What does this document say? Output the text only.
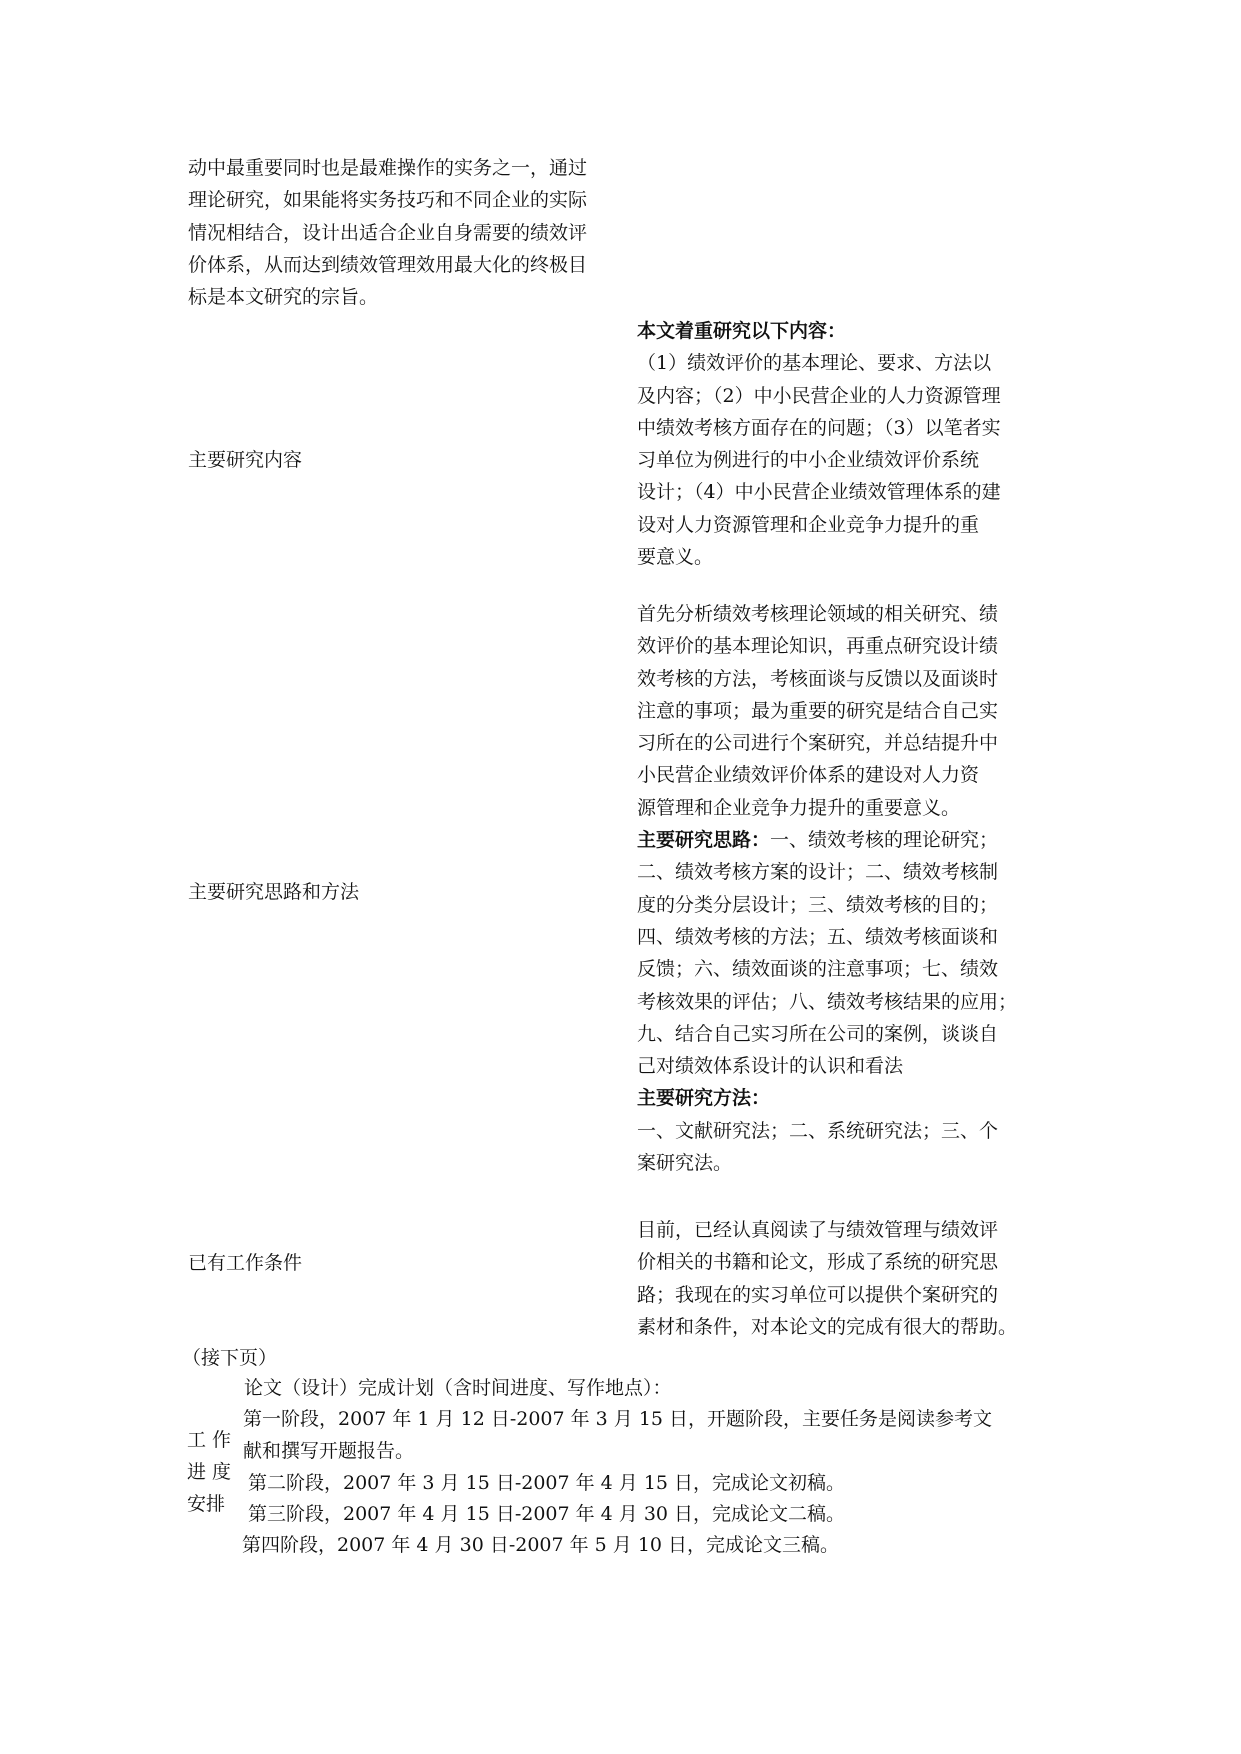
动中最重要同时也是最难操作的实务之一，通过
理论研究，如果能将实务技巧和不同企业的实际
情况相结合，设计出适合企业自身需要的绩效评
价体系，从而达到绩效管理效用最大化的终极目
标是本文研究的宗旨。
主要研究内容
本文着重研究以下内容：
（1）绩效评价的基本理论、要求、方法以
及内容；（2）中小民营企业的人力资源管理
中绩效考核方面存在的问题；（3）以笔者实
习单位为例进行的中小企业绩效评价系统
设计；（4）中小民营企业绩效管理体系的建
设对人力资源管理和企业竞争力提升的重
要意义。
主要研究思路和方法
首先分析绩效考核理论领域的相关研究、绩
效评价的基本理论知识，再重点研究设计绩
效考核的方法，考核面谈与反馈以及面谈时
注意的事项；最为重要的研究是结合自己实
习所在的公司进行个案研究，并总结提升中
小民营企业绩效评价体系的建设对人力资
源管理和企业竞争力提升的重要意义。
主要研究思路：一、绩效考核的理论研究；
二、绩效考核方案的设计；二、绩效考核制
度的分类分层设计；三、绩效考核的目的；
四、绩效考核的方法；五、绩效考核面谈和
反馈；六、绩效面谈的注意事项；七、绩效
考核效果的评估；八、绩效考核结果的应用；
九、结合自己实习所在公司的案例，谈谈自
己对绩效体系设计的认识和看法
主要研究方法：
一、文献研究法；二、系统研究法；三、个
案研究法。
已有工作条件
目前，已经认真阅读了与绩效管理与绩效评
价相关的书籍和论文，形成了系统的研究思
路；我现在的实习单位可以提供个案研究的
素材和条件，对本论文的完成有很大的帮助。
（接下页）
工 作
进 度
安排
论文（设计）完成计划（含时间进度、写作地点）：
第一阶段，2007 年 1 月 12 日-2007 年 3 月 15 日，开题阶段，主要任务是阅读参考文
献和撰写开题报告。
第二阶段，2007 年 3 月 15 日-2007 年 4 月 15 日，完成论文初稿。
第三阶段，2007 年 4 月 15 日-2007 年 4 月 30 日，完成论文二稿。
第四阶段，2007 年 4 月 30 日-2007 年 5 月 10 日，完成论文三稿。
